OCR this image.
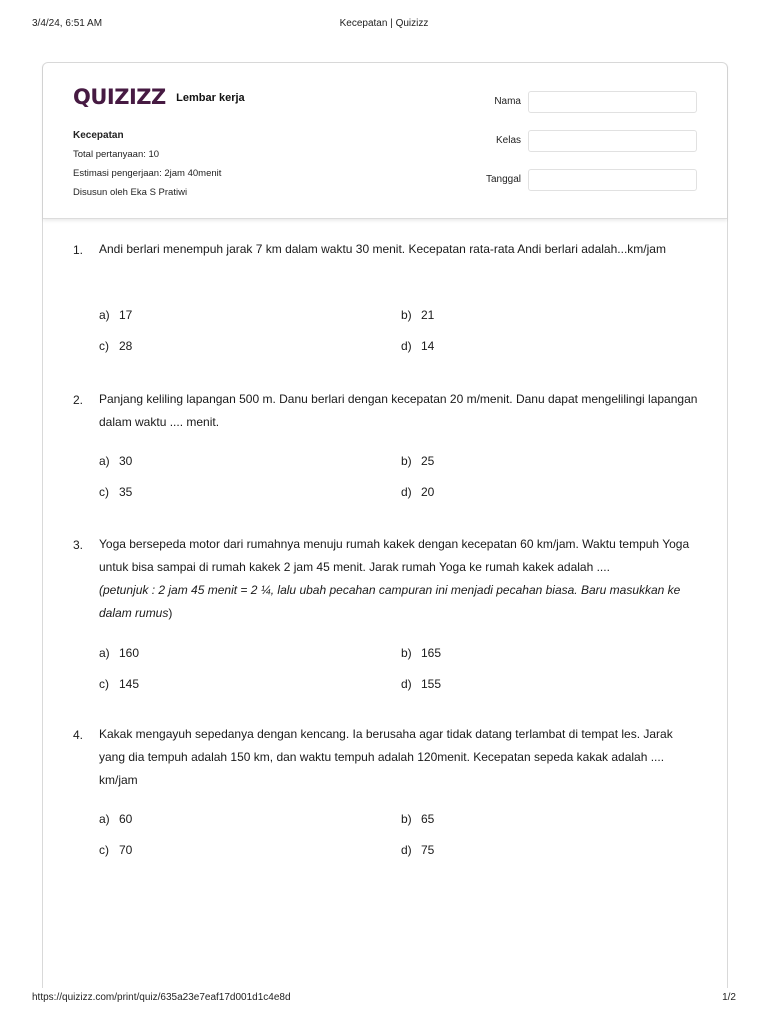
3/4/24, 6:51 AM	Kecepatan | Quizizz
QUIZIZZ Lembar kerja
Kecepatan
Total pertanyaan: 10
Estimasi pengerjaan: 2jam 40menit
Disusun oleh Eka S Pratiwi
Nama
Kelas
Tanggal
1. Andi berlari menempuh jarak 7 km dalam waktu 30 menit. Kecepatan rata-rata Andi berlari adalah...km/jam
a) 17	b) 21
c) 28	d) 14
2. Panjang keliling lapangan 500 m. Danu berlari dengan kecepatan 20 m/menit. Danu dapat mengelilingi lapangan dalam waktu .... menit.
a) 30	b) 25
c) 35	d) 20
3. Yoga bersepeda motor dari rumahnya menuju rumah kakek dengan kecepatan 60 km/jam. Waktu tempuh Yoga untuk bisa sampai di rumah kakek 2 jam 45 menit. Jarak rumah Yoga ke rumah kakek adalah ....
(petunjuk : 2 jam 45 menit = 2 ¼, lalu ubah pecahan campuran ini menjadi pecahan biasa. Baru masukkan ke dalam rumus)
a) 160	b) 165
c) 145	d) 155
4. Kakak mengayuh sepedanya dengan kencang. Ia berusaha agar tidak datang terlambat di tempat les. Jarak yang dia tempuh adalah 150 km, dan waktu tempuh adalah 120menit. Kecepatan sepeda kakak adalah .... km/jam
a) 60	b) 65
c) 70	d) 75
https://quizizz.com/print/quiz/635a23e7eaf17d001d1c4e8d	1/2
